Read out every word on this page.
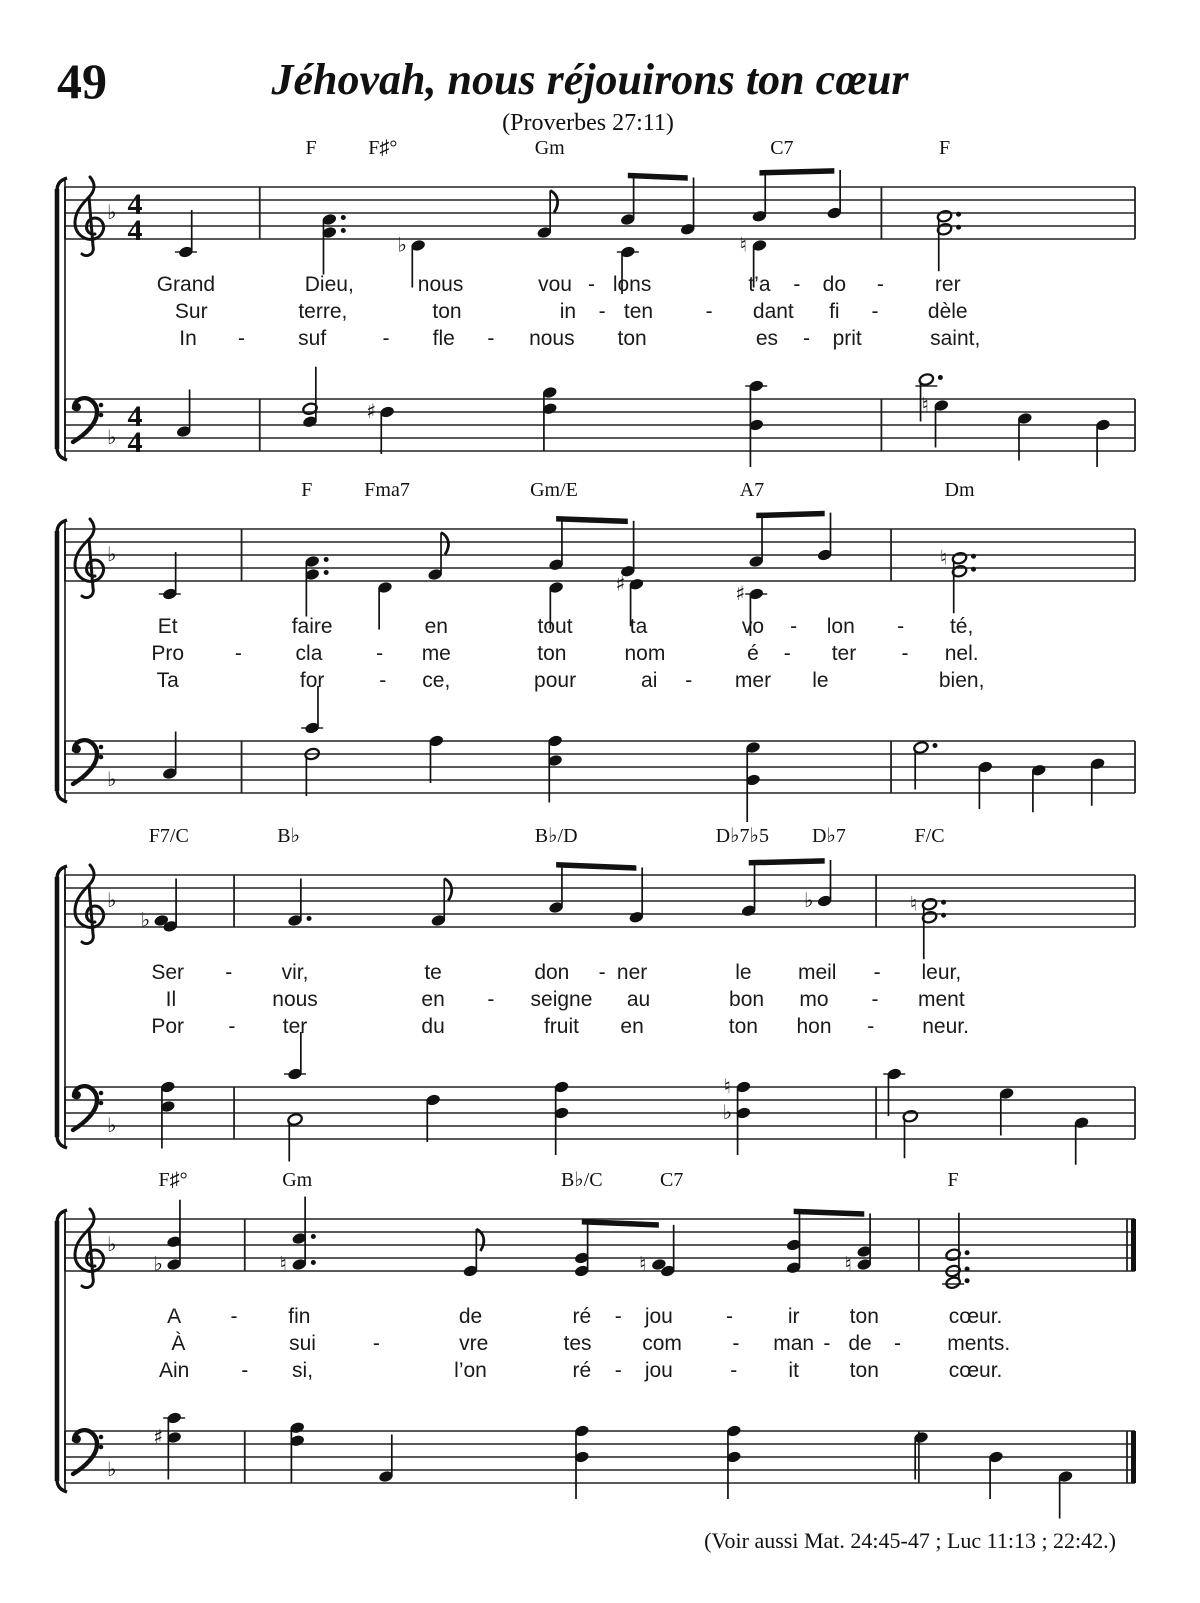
49	Jéhovah, nous réjouirons ton cœur
(Proverbes 27:11)
F	F♯°	Gm	C7	F
♭ 4
4	♭	♮
♭
4
4
♯	♮
Grand	Dieu,	nous	vou - lons	t’a - do - rer
Sur	terre,	ton	in - ten	- dant fi - dèle
In -	suf	- fle - nous ton	es - prit	saint,
F	Fma7	Gm/E	A7	Dm
♭
♯	♯
♮
♭
Et	faire	en	tout	ta	vo - lon - té,
Pro -	cla	- me	ton	nom	é - ter - nel.
Ta	for	- ce,	pour	ai - mer le	bien,
F7/C	B♭	B♭/D	D♭7♭5 D♭7	F/C
♭
♭
♭	♮
♭
♮
♭
Ser - vir,	te	don - ner	le meil - leur,
Il	nous	en - seigne au	bon mo - ment
Por - ter	du	fruit en	ton hon - neur.
F♯°	Gm	B♭/C	C7	F
♭
♭	♮	♮	♮
♭
♯
A - fin	de	ré - jou	-	ir ton	cœur.
À	sui	-	vre	tes com - man - de - ments.
Ain - si,	l’on	ré - jou	- it ton	cœur.
(Voir aussi Mat. 24:45-47 ; Luc 11:13 ; 22:42.)
